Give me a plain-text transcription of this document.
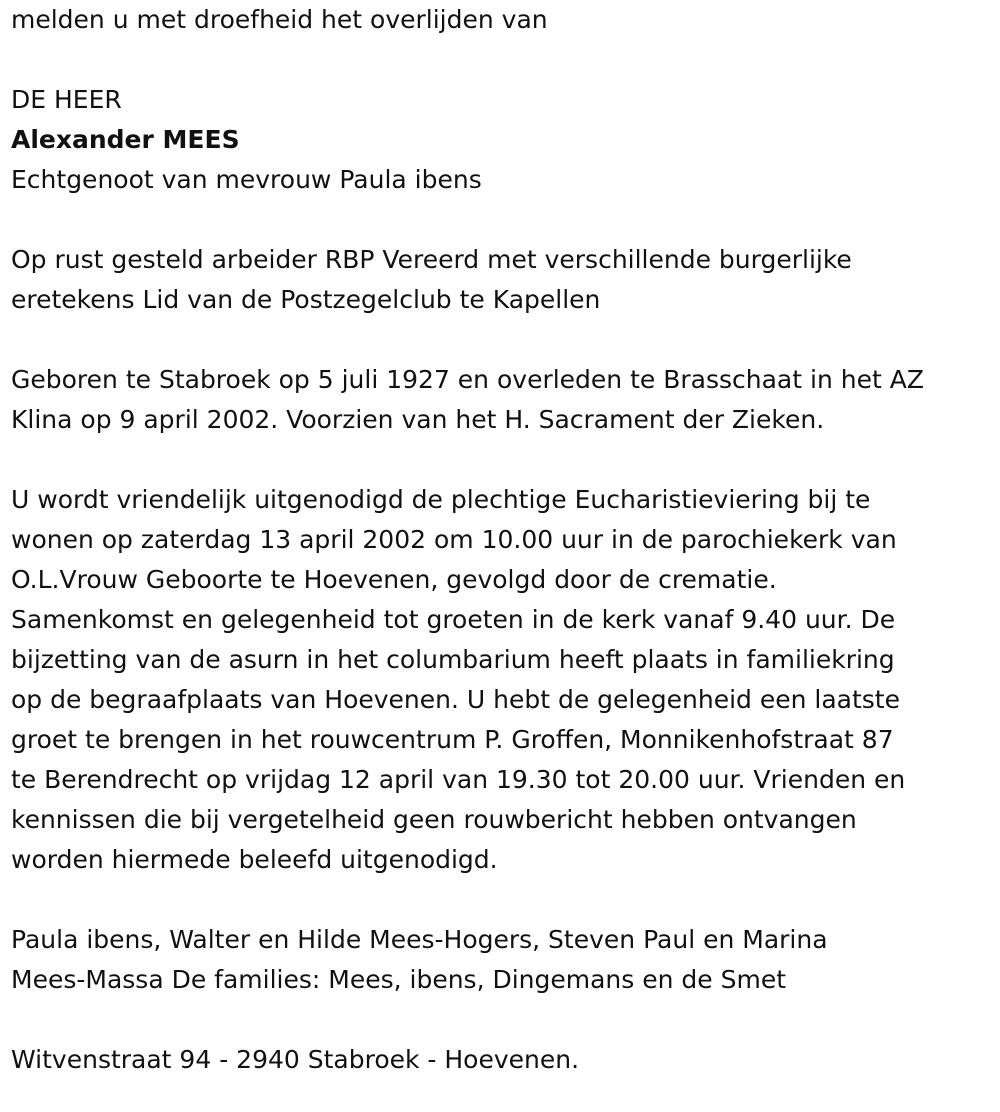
melden u met droefheid het overlijden van

DE HEER

Alexander MEES

Echtgenoot van mevrouw Paula ibens

Op rust gesteld arbeider RBP Vereerd met verschillende burgerlijke

eretekens Lid van de Postzegelclub te Kapellen

Geboren te Stabroek op 5 juli 1927 en overleden te Brasschaat in het AZ

Klina op 9 april 2002. Voorzien van het H. Sacrament der Zieken.

U wordt vriendelijk uitgenodigd de plechtige Eucharistieviering bij te

wonen op zaterdag 13 april 2002 om 10.00 uur in de parochiekerk van

O.L.Vrouw Geboorte te Hoevenen, gevolgd door de crematie.

Samenkomst en gelegenheid tot groeten in de kerk vanaf 9.40 uur. De

bijzetting van de asurn in het columbarium heeft plaats in familiekring

op de begraafplaats van Hoevenen. U hebt de gelegenheid een laatste

groet te brengen in het rouwcentrum P. Groffen, Monnikenhofstraat 87

te Berendrecht op vrijdag 12 april van 19.30 tot 20.00 uur. Vrienden en

kennissen die bij vergetelheid geen rouwbericht hebben ontvangen

worden hiermede beleefd uitgenodigd.

Paula ibens, Walter en Hilde Mees-Hogers, Steven Paul en Marina

Mees-Massa De families: Mees, ibens, Dingemans en de Smet

Witvenstraat 94 - 2940 Stabroek - Hoevenen.
